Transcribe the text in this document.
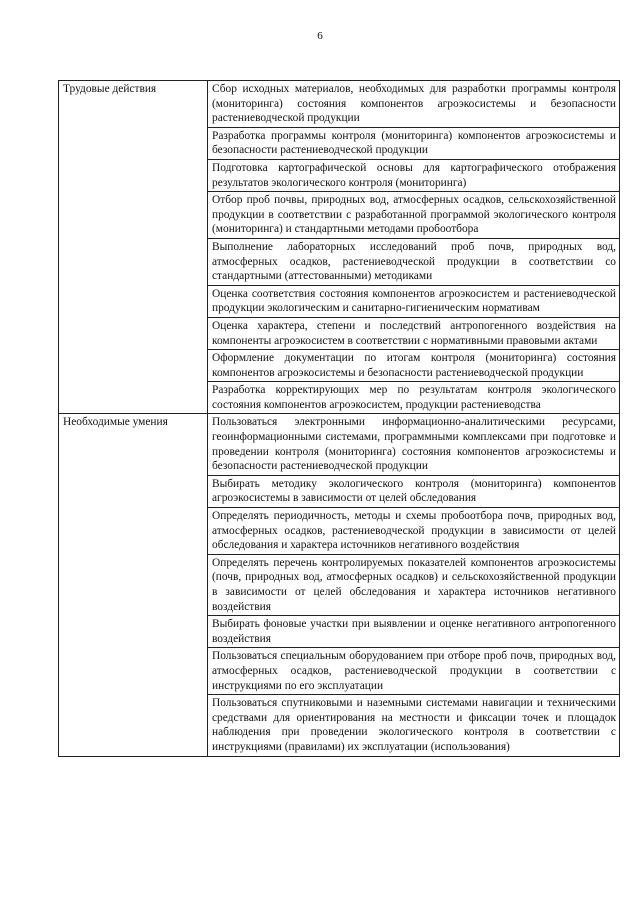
6
Трудовые действия	Сбор исходных материалов, необходимых для разработки программы контроля (мониторинга) состояния компонентов агроэкосистемы и безопасности растениеводческой продукции
	Разработка программы контроля (мониторинга) компонентов агроэкосистемы и безопасности растениеводческой продукции
	Подготовка картографической основы для картографического отображения результатов экологического контроля (мониторинга)
	Отбор проб почвы, природных вод, атмосферных осадков, сельскохозяйственной продукции в соответствии с разработанной программой экологического контроля (мониторинга) и стандартными методами пробоотбора
	Выполнение лабораторных исследований проб почв, природных вод, атмосферных осадков, растениеводческой продукции в соответствии со стандартными (аттестованными) методиками
	Оценка соответствия состояния компонентов агроэкосистем и растениеводческой продукции экологическим и санитарно-гигиеническим нормативам
	Оценка характера, степени и последствий антропогенного воздействия на компоненты агроэкосистем в соответствии с нормативными правовыми актами
	Оформление документации по итогам контроля (мониторинга) состояния компонентов агроэкосистемы и безопасности растениеводческой продукции
	Разработка корректирующих мер по результатам контроля экологического состояния компонентов агроэкосистем, продукции растениеводства
Необходимые умения	Пользоваться электронными информационно-аналитическими ресурсами, геоинформационными системами, программными комплексами при подготовке и проведении контроля (мониторинга) состояния компонентов агроэкосистемы и безопасности растениеводческой продукции
	Выбирать методику экологического контроля (мониторинга) компонентов агроэкосистемы в зависимости от целей обследования
	Определять периодичность, методы и схемы пробоотбора почв, природных вод, атмосферных осадков, растениеводческой продукции в зависимости от целей обследования и характера источников негативного воздействия
	Определять перечень контролируемых показателей компонентов агроэкосистемы (почв, природных вод, атмосферных осадков) и сельскохозяйственной продукции в зависимости от целей обследования и характера источников негативного воздействия
	Выбирать фоновые участки при выявлении и оценке негативного антропогенного воздействия
	Пользоваться специальным оборудованием при отборе проб почв, природных вод, атмосферных осадков, растениеводческой продукции в соответствии с инструкциями по его эксплуатации
	Пользоваться спутниковыми и наземными системами навигации и техническими средствами для ориентирования на местности и фиксации точек и площадок наблюдения при проведении экологического контроля в соответствии с инструкциями (правилами) их эксплуатации (использования)
